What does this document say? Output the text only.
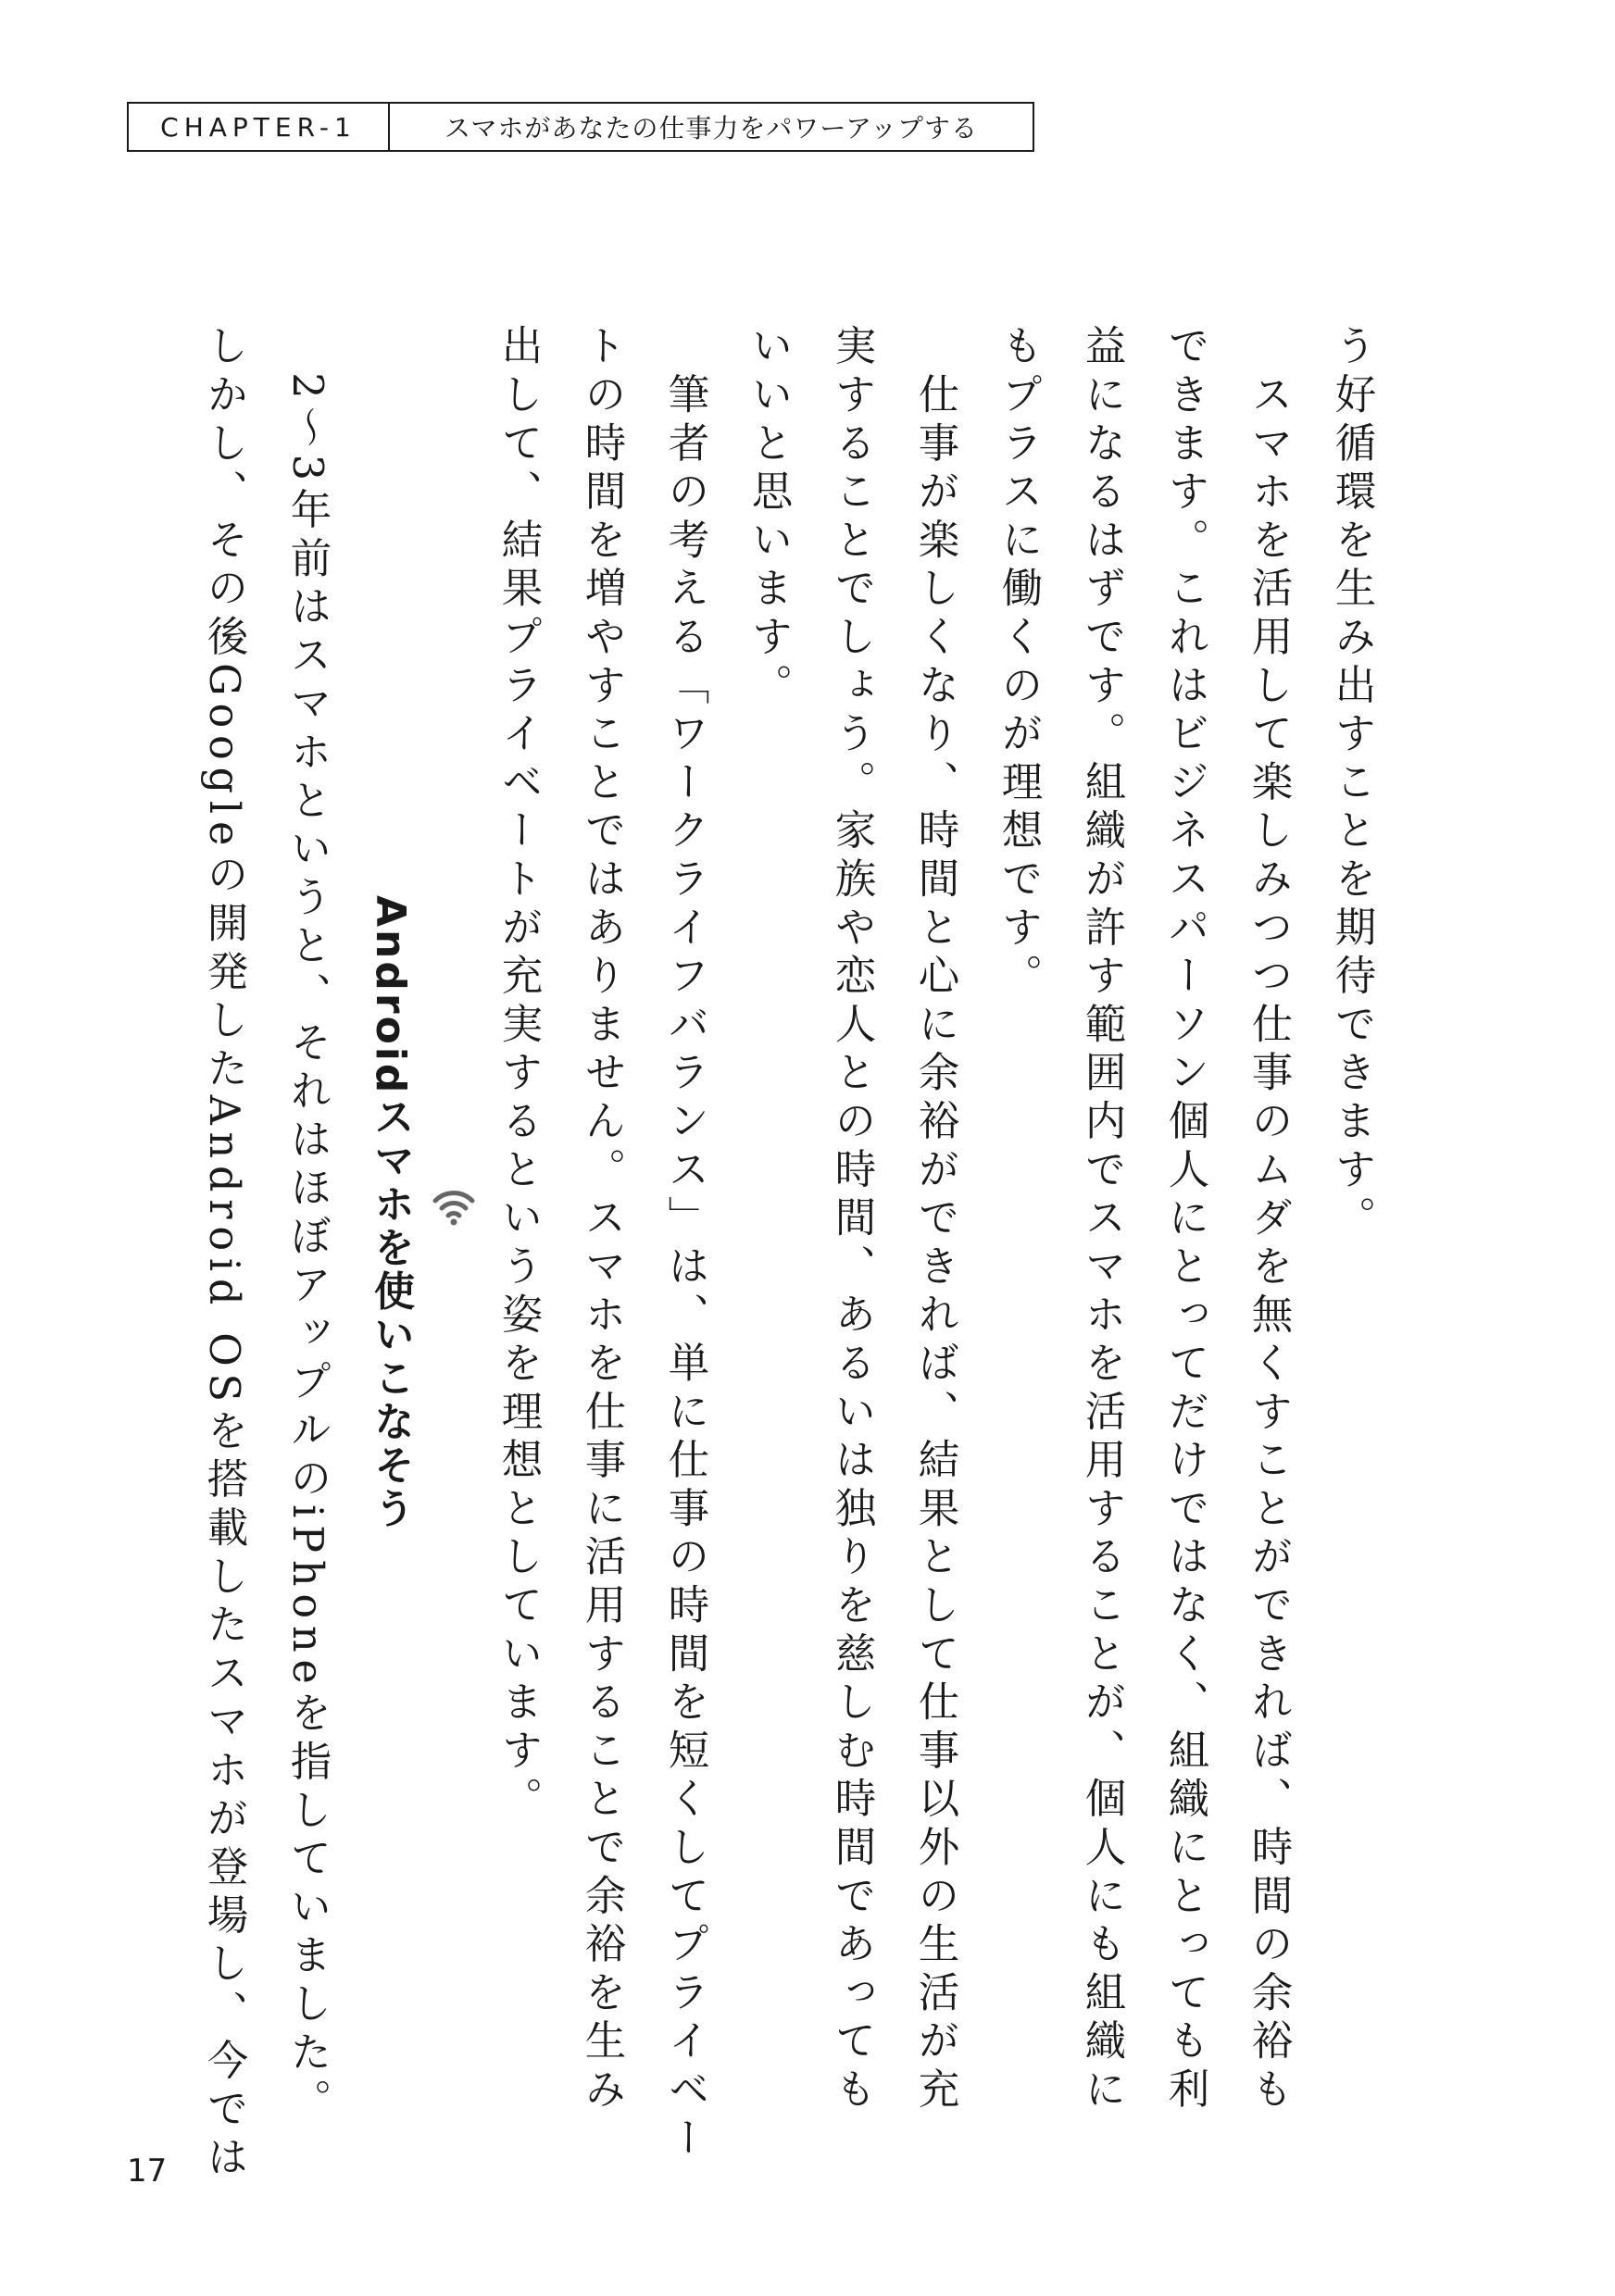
CHAPTER-1	スマホがあなたの仕事力をパワーアップする

う好循環を生み出すことを期待できます。

　スマホを活用して楽しみつつ仕事のムダを無くすことができれば、時間の余裕も

できます。これはビジネスパーソン個人にとってだけではなく、組織にとっても利

益になるはずです。組織が許す範囲内でスマホを活用することが、個人にも組織に

もプラスに働くのが理想です。

　仕事が楽しくなり、時間と心に余裕ができれば、結果として仕事以外の生活が充

実することでしょう。家族や恋人との時間、あるいは独りを慈しむ時間であっても

いいと思います。

　筆者の考える「ワークライフバランス」は、単に仕事の時間を短くしてプライベー

トの時間を増やすことではありません。スマホを仕事に活用することで余裕を生み

出して、結果プライベートが充実するという姿を理想としています。

Androidスマホを使いこなそう

　2～3年前はスマホというと、それはほぼアップルのiPhoneを指していました。

しかし、その後Googleの開発したAndroid OSを搭載したスマホが登場し、今では

17
